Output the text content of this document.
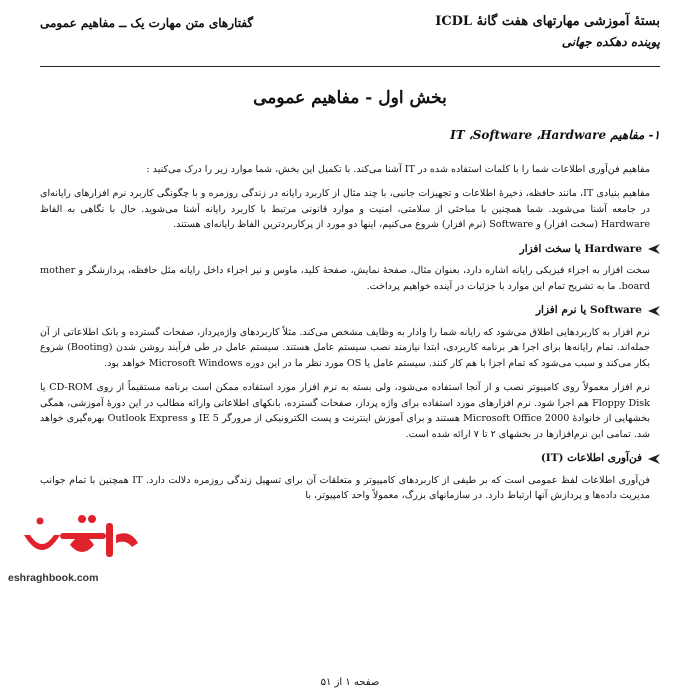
بستهٔ آموزشی مهارتهای هفت گانهٔ ICDL
پوینده دهکده جهانی
گفتارهای متن مهارت یک ــ مفاهیم عمومی
بخش اول - مفاهیم عمومی
۱- مفاهیم IT ،Software ،Hardware

مفاهیم فن‌آوری اطلاعات شما را با کلمات استفاده شده در IT آشنا می‌کند. با تکمیل این بخش، شما موارد زیر را درک می‌کنید :

مفاهیم بنیادی IT، مانند حافظه، ذخیرهٔ اطلاعات و تجهیزات جانبی، با چند مثال از کاربرد رایانه در زندگی روزمره و با چگونگی کاربرد نرم افزارهای رایانه‌ای در جامعه آشنا می‌شوید. شما همچنین با مباحثی از سلامتی، امنیت و موارد قانونی مرتبط با کاربرد رایانه آشنا می‌شوید. حال با نگاهی به الفاظ Hardware (سخت افزار) و Software (نرم افزار) شروع می‌کنیم، اینها دو مورد از پرکاربردترین الفاظ رایانه‌ای هستند.

Hardware یا سخت افزار

سخت افزار به اجزاء فیزیکی رایانه اشاره دارد، بعنوان مثال، صفحهٔ نمایش، صفحهٔ کلید، ماوس و نیز اجزاء داخل رایانه مثل حافظه، پردازشگر و mother board. ما به تشریح تمام این موارد با جزئیات در آینده خواهیم پرداخت.

Software یا نرم افزار

نرم افزار به کاربردهایی اطلاق می‌شود که رایانه شما را وادار به وظایف مشخص می‌کند. مثلاً کاربردهای واژه‌پرداز، صفحات گسترده و بانک اطلاعاتی از آن جمله‌اند. تمام رایانه‌ها برای اجرا هر برنامه کاربردی، ابتدا نیازمند نصب سیستم عامل هستند. سیستم عامل در طی فرآیند روشن شدن (Booting) شروع بکار می‌کند و سبب می‌شود که تمام اجزا با هم کار کنند. سیستم عامل یا OS مورد نظر ما در این دوره Microsoft Windows خواهد بود.

نرم افزار معمولاً روی کامپیوتر نصب و از آنجا استفاده می‌شود، ولی بسته به نرم افزار مورد استفاده ممکن است برنامه مستقیماً از روی CD-ROM یا Floppy Disk هم اجرا شود. نرم افزارهای مورد استفاده برای واژه پرداز، صفحات گسترده، بانکهای اطلاعاتی وارائه مطالب در این دورهٔ آموزشی، همگی بخشهایی از خانوادهٔ Microsoft Office 2000 هستند و برای آموزش اینترنت و پست الکترونیکی از مرورگر IE 5 و Outlook Express بهره‌گیری خواهد شد. تمامی این نرم‌افزارها در بخشهای ۲ تا ۷ ارائه شده است.

فن‌آوری اطلاعات (IT)

فن‌آوری اطلاعات لفظ عمومی است که بر طیفی از کاربردهای کامپیوتر و متعلقات آن برای تسهیل زندگی روزمره دلالت دارد. IT همچنین با تمام جوانب مدیریت داده‌ها و پردازش آنها ارتباط دارد. در سازمانهای بزرگ، معمولاً واحد کامپیوتر، با

eshraghbook.com
صفحه ۱ از ۵۱
